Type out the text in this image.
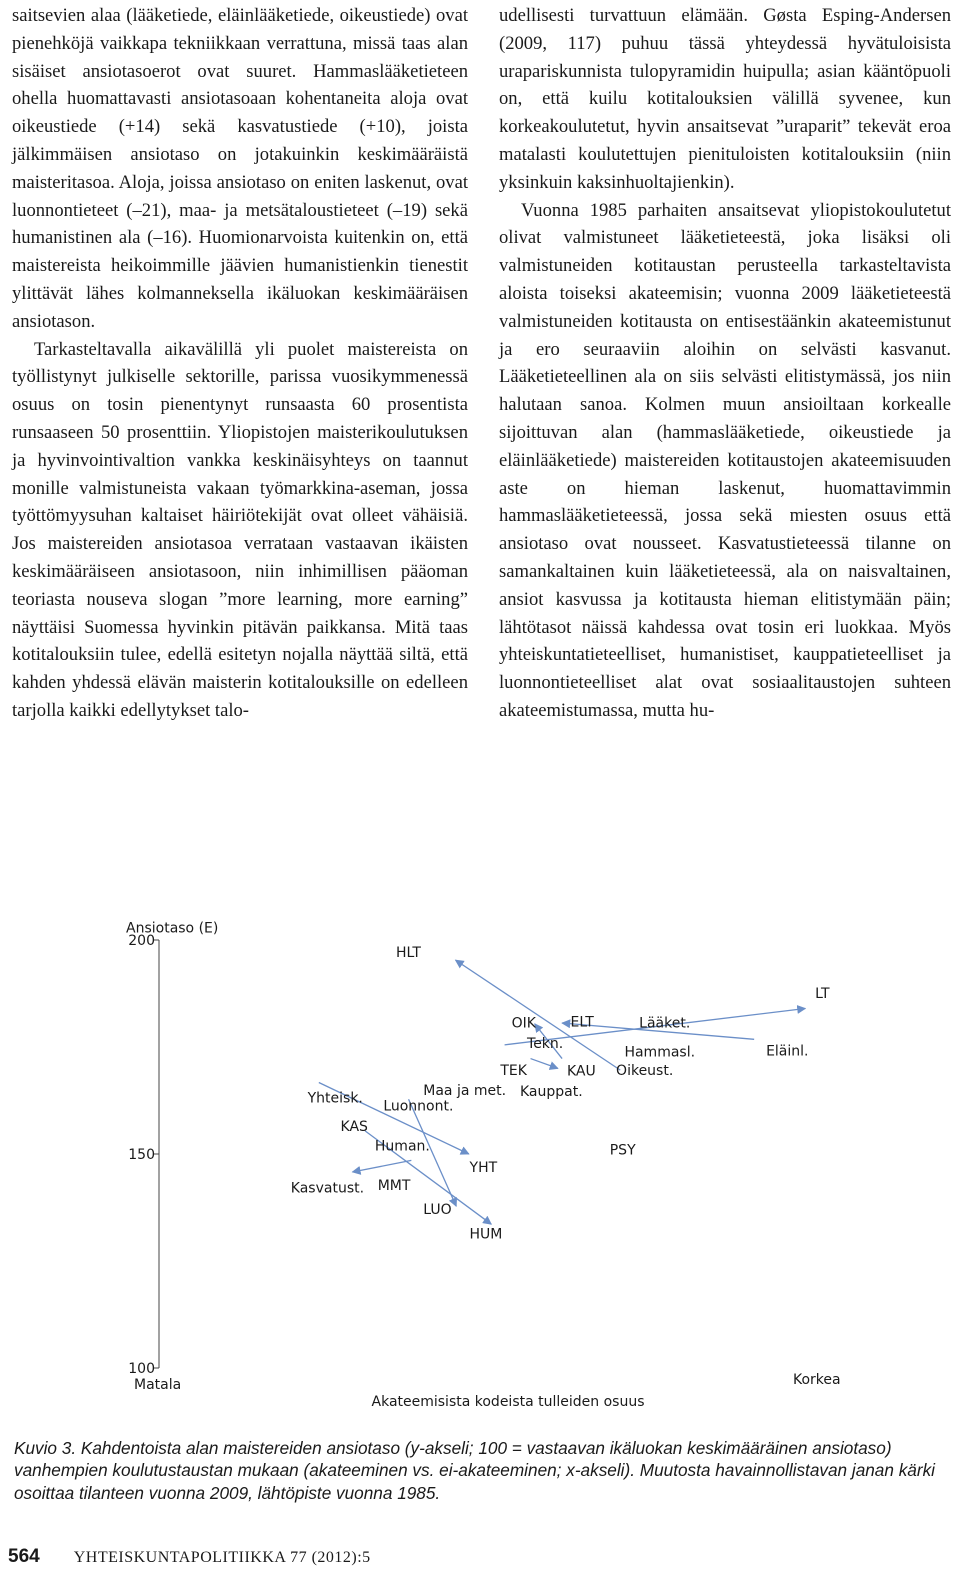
saitsevien alaa (lääketiede, eläinlääketiede, oikeustiede) ovat pienehköjä vaikkapa tekniikkaan verrattuna, missä taas alan sisäiset ansiotasoerot ovat suuret. Hammaslääketieteen ohella huomattavasti ansiotasoaan kohentaneita aloja ovat oikeustiede (+14) sekä kasvatustiede (+10), joista jälkimmäisen ansiotaso on jotakuinkin keskimääräistä maisteritasoa. Aloja, joissa ansiotaso on eniten laskenut, ovat luonnontieteet (–21), maa- ja metsätaloustieteet (–19) sekä humanistinen ala (–16). Huomionarvoista kuitenkin on, että maistereista heikoimmille jäävien humanistienkin tienestit ylittävät lähes kolmanneksella ikäluokan keskimääräisen ansiotason.

Tarkasteltavalla aikavälillä yli puolet maistereista on työllistynyt julkiselle sektorille, parissa vuosikymmenessä osuus on tosin pienentynyt runsaasta 60 prosentista runsaaseen 50 prosenttiin. Yliopistojen maisterikoulutuksen ja hyvinvointivaltion vankka keskinäisyhteys on taannut monille valmistuneista vakaan työmarkkina-aseman, jossa työttömyysuhan kaltaiset häiriötekijät ovat olleet vähäisiä. Jos maistereiden ansiotasoa verrataan vastaavan ikäisten keskimääräiseen ansiotasoon, niin inhimillisen pääoman teoriasta nouseva slogan ”more learning, more earning” näyttäisi Suomessa hyvinkin pitävän paikkansa. Mitä taas kotitalouksiin tulee, edellä esitetyn nojalla näyttää siltä, että kahden yhdessä elävän maisterin kotitalouksille on edelleen tarjolla kaikki edellytykset talo-

udellisesti turvattuun elämään. Gøsta Esping-Andersen (2009, 117) puhuu tässä yhteydessä hyvätuloisista urapariskunnista tulopyramidin huipulla; asian kääntöpuoli on, että kuilu kotitalouksien välillä syvenee, kun korkeakoulutetut, hyvin ansaitsevat ”uraparit” tekevät eroa matalasti koulutettujen pienituloisten kotitalouksiin (niin yksinkuin kaksinhuoltajienkin).

Vuonna 1985 parhaiten ansaitsevat yliopistokoulutetut olivat valmistuneet lääketieteestä, joka lisäksi oli valmistuneiden kotitaustan perusteella tarkasteltavista aloista toiseksi akateemisin; vuonna 2009 lääketieteestä valmistuneiden kotitausta on entisestäänkin akateemistunut ja ero seuraaviin aloihin on selvästi kasvanut. Lääketieteellinen ala on siis selvästi elitistymässä, jos niin halutaan sanoa. Kolmen muun ansioiltaan korkealle sijoittuvan alan (hammaslääketiede, oikeustiede ja eläinlääketiede) maistereiden kotitaustojen akateemisuuden aste on hieman laskenut, huomattavimmin hammaslääketieteessä, jossa sekä miesten osuus että ansiotaso ovat nousseet. Kasvatustieteessä tilanne on samankaltainen kuin lääketieteessä, ala on naisvaltainen, ansiot kasvussa ja kotitausta hieman elitistymään päin; lähtötasot näissä kahdessa ovat tosin eri luokkaa. Myös yhteiskuntatieteelliset, humanistiset, kauppatieteelliset ja luonnontieteelliset alat ovat sosiaalitaustojen suhteen akateemistumassa, mutta hu-

200
150
100
Ansiotaso (E)
Matala	Korkea
Akateemisista kodeista tulleiden osuus
HLT
LT
OIK ELT	Lääket.
Tekn.
Hammasl.	Eläinl.
TEK	KAU Oikeust.
Maa ja met. Kauppat.
Yhteisk. Luonnont.
KAS
Human.
YHT
PSY
Kasvatust. MMT
LUO
HUM
Kuvio 3. Kahdentoista alan maistereiden ansiotaso (y-akseli; 100 = vastaavan ikäluokan keskimääräinen ansiotaso) vanhempien koulutustaustan mukaan (akateeminen vs. ei-akateeminen; x-akseli). Muutosta havainnollistavan janan kärki osoittaa tilanteen vuonna 2009, lähtöpiste vuonna 1985.
564 YHTEISKUNTAPOLITIIKKA 77 (2012):5
